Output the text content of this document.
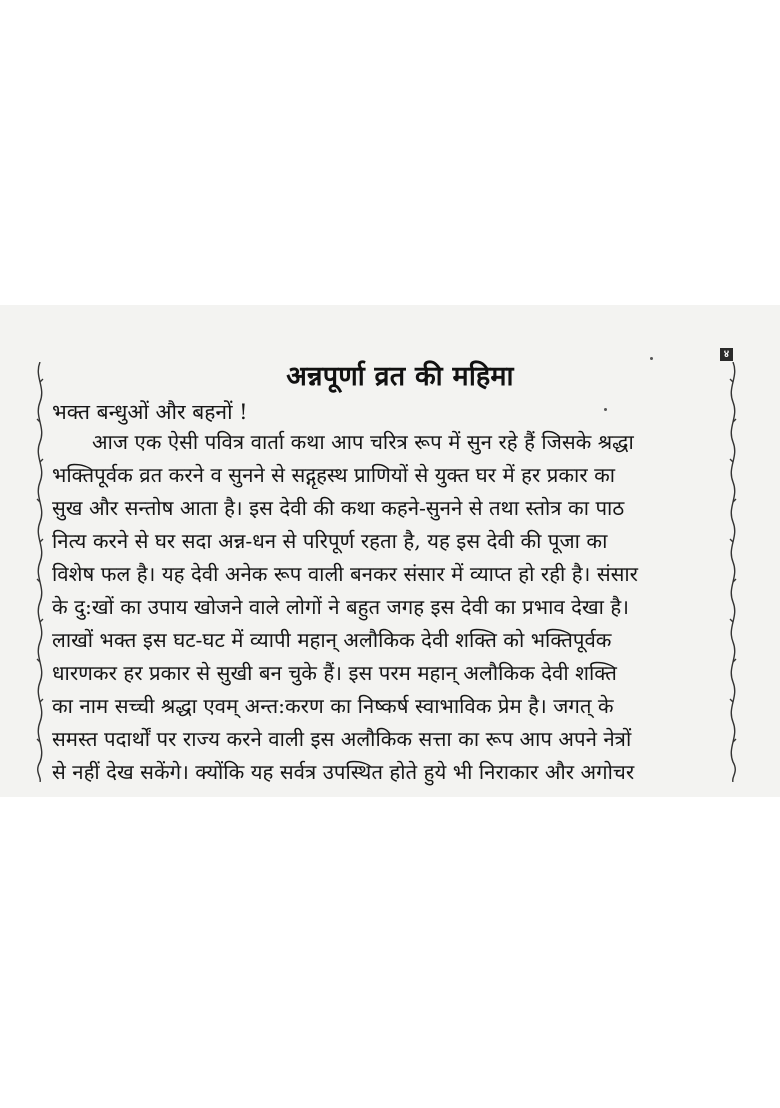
४
अन्नपूर्णा व्रत की महिमा
भक्त बन्धुओं और बहनों !
आज एक ऐसी पवित्र वार्ता कथा आप चरित्र रूप में सुन रहे हैं जिसके श्रद्धा
भक्तिपूर्वक व्रत करने व सुनने से सद्गृहस्थ प्राणियों से युक्त घर में हर प्रकार का
सुख और सन्तोष आता है। इस देवी की कथा कहने-सुनने से तथा स्तोत्र का पाठ
नित्य करने से घर सदा अन्न-धन से परिपूर्ण रहता है, यह इस देवी की पूजा का
विशेष फल है। यह देवी अनेक रूप वाली बनकर संसार में व्याप्त हो रही है। संसार
के दु:खों का उपाय खोजने वाले लोगों ने बहुत जगह इस देवी का प्रभाव देखा है।
लाखों भक्त इस घट-घट में व्यापी महान् अलौकिक देवी शक्ति को भक्तिपूर्वक
धारणकर हर प्रकार से सुखी बन चुके हैं। इस परम महान् अलौकिक देवी शक्ति
का नाम सच्ची श्रद्धा एवम् अन्त:करण का निष्कर्ष स्वाभाविक प्रेम है। जगत् के
समस्त पदार्थों पर राज्य करने वाली इस अलौकिक सत्ता का रूप आप अपने नेत्रों
से नहीं देख सकेंगे। क्योंकि यह सर्वत्र उपस्थित होते हुये भी निराकार और अगोचर
